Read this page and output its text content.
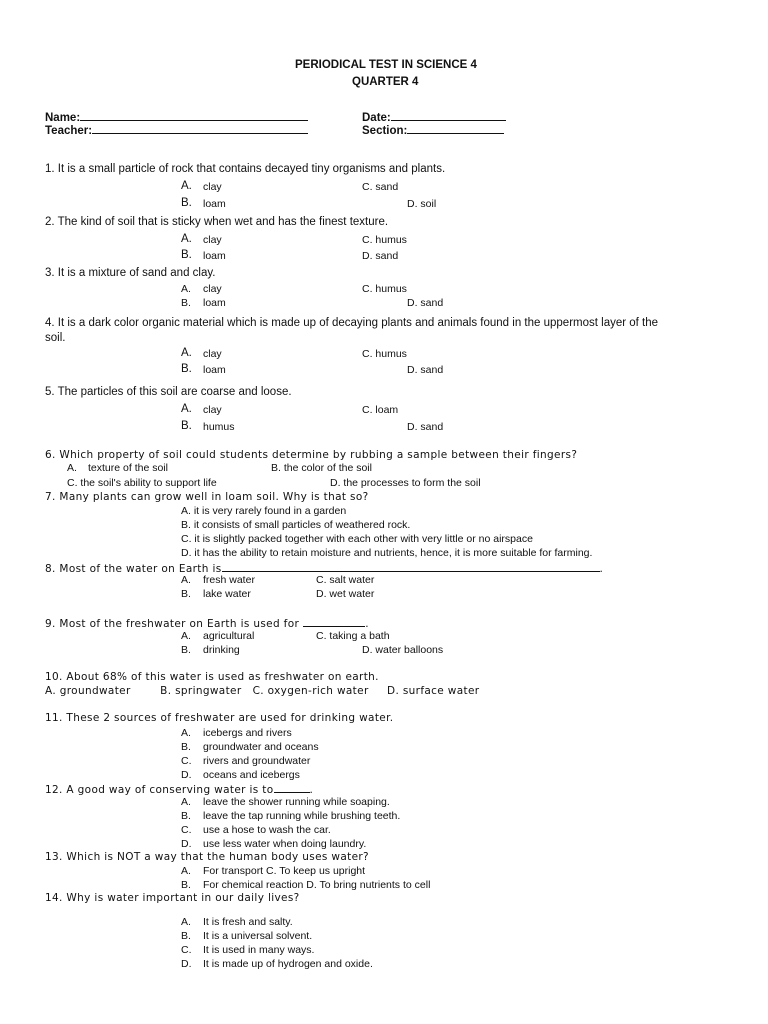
PERIODICAL TEST IN SCIENCE 4
QUARTER 4
Name:	Date:
Teacher:	Section:
1. It is a small particle of rock that contains decayed tiny organisms and plants.
A. clay	C. sand
B. loam	D. soil
2. The kind of soil that is sticky when wet and has the finest texture.
A. clay	C. humus
B. loam	D. sand
3. It is a mixture of sand and clay.
A. clay	C. humus
B. loam	D. sand
4. It is a dark color organic material which is made up of decaying plants and animals found in the uppermost layer of the
soil.
A. clay	C. humus
B. loam	D. sand
5. The particles of this soil are coarse and loose.
A. clay	C. loam
B. humus	D. sand
6. Which property of soil could students determine by rubbing a sample between their fingers?
A. texture of the soil	B. the color of the soil
C. the soil's ability to support life	D. the processes to form the soil
7. Many plants can grow well in loam soil. Why is that so?
A. it is very rarely found in a garden
B. it consists of small particles of weathered rock.
C. it is slightly packed together with each other with very little or no airspace
D. it has the ability to retain moisture and nutrients, hence, it is more suitable for farming.
8. Most of the water on Earth is	.
A. fresh water	C. salt water
B. lake water	D. wet water
9. Most of the freshwater on Earth is used for	.
A. agricultural	C. taking a bath
B. drinking	D. water balloons
10. About 68% of this water is used as freshwater on earth.
A. groundwater        B. springwater   C. oxygen-rich water     D. surface water
11. These 2 sources of freshwater are used for drinking water.
A. icebergs and rivers
B. groundwater and oceans
C. rivers and groundwater
D. oceans and icebergs
12. A good way of conserving water is to	.
A. leave the shower running while soaping.
B. leave the tap running while brushing teeth.
C. use a hose to wash the car.
D. use less water when doing laundry.
13. Which is NOT a way that the human body uses water?
A. For transport C. To keep us upright
B. For chemical reaction D. To bring nutrients to cell
14. Why is water important in our daily lives?
A. It is fresh and salty.
B. It is a universal solvent.
C. It is used in many ways.
D. It is made up of hydrogen and oxide.
